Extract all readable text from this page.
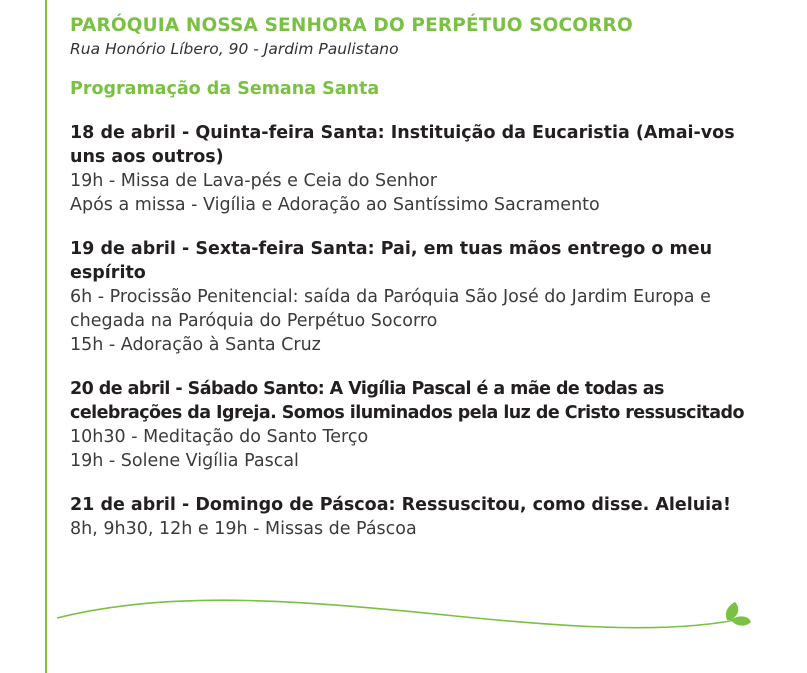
PARÓQUIA NOSSA SENHORA DO PERPÉTUO SOCORRO
Rua Honório Líbero, 90 - Jardim Paulistano
Programação da Semana Santa
18 de abril - Quinta-feira Santa: Instituição da Eucaristia (Amai-vos uns aos outros)
19h - Missa de Lava-pés e Ceia do Senhor
Após a missa - Vigília e Adoração ao Santíssimo Sacramento
19 de abril - Sexta-feira Santa: Pai, em tuas mãos entrego o meu espírito
6h - Procissão Penitencial: saída da Paróquia São José do Jardim Europa e chegada na Paróquia do Perpétuo Socorro
15h - Adoração à Santa Cruz
20 de abril - Sábado Santo: A Vigília Pascal é a mãe de todas as celebrações da Igreja. Somos iluminados pela luz de Cristo ressuscitado
10h30 - Meditação do Santo Terço
19h - Solene Vigília Pascal
21 de abril - Domingo de Páscoa: Ressuscitou, como disse. Aleluia!
8h, 9h30, 12h e 19h - Missas de Páscoa
